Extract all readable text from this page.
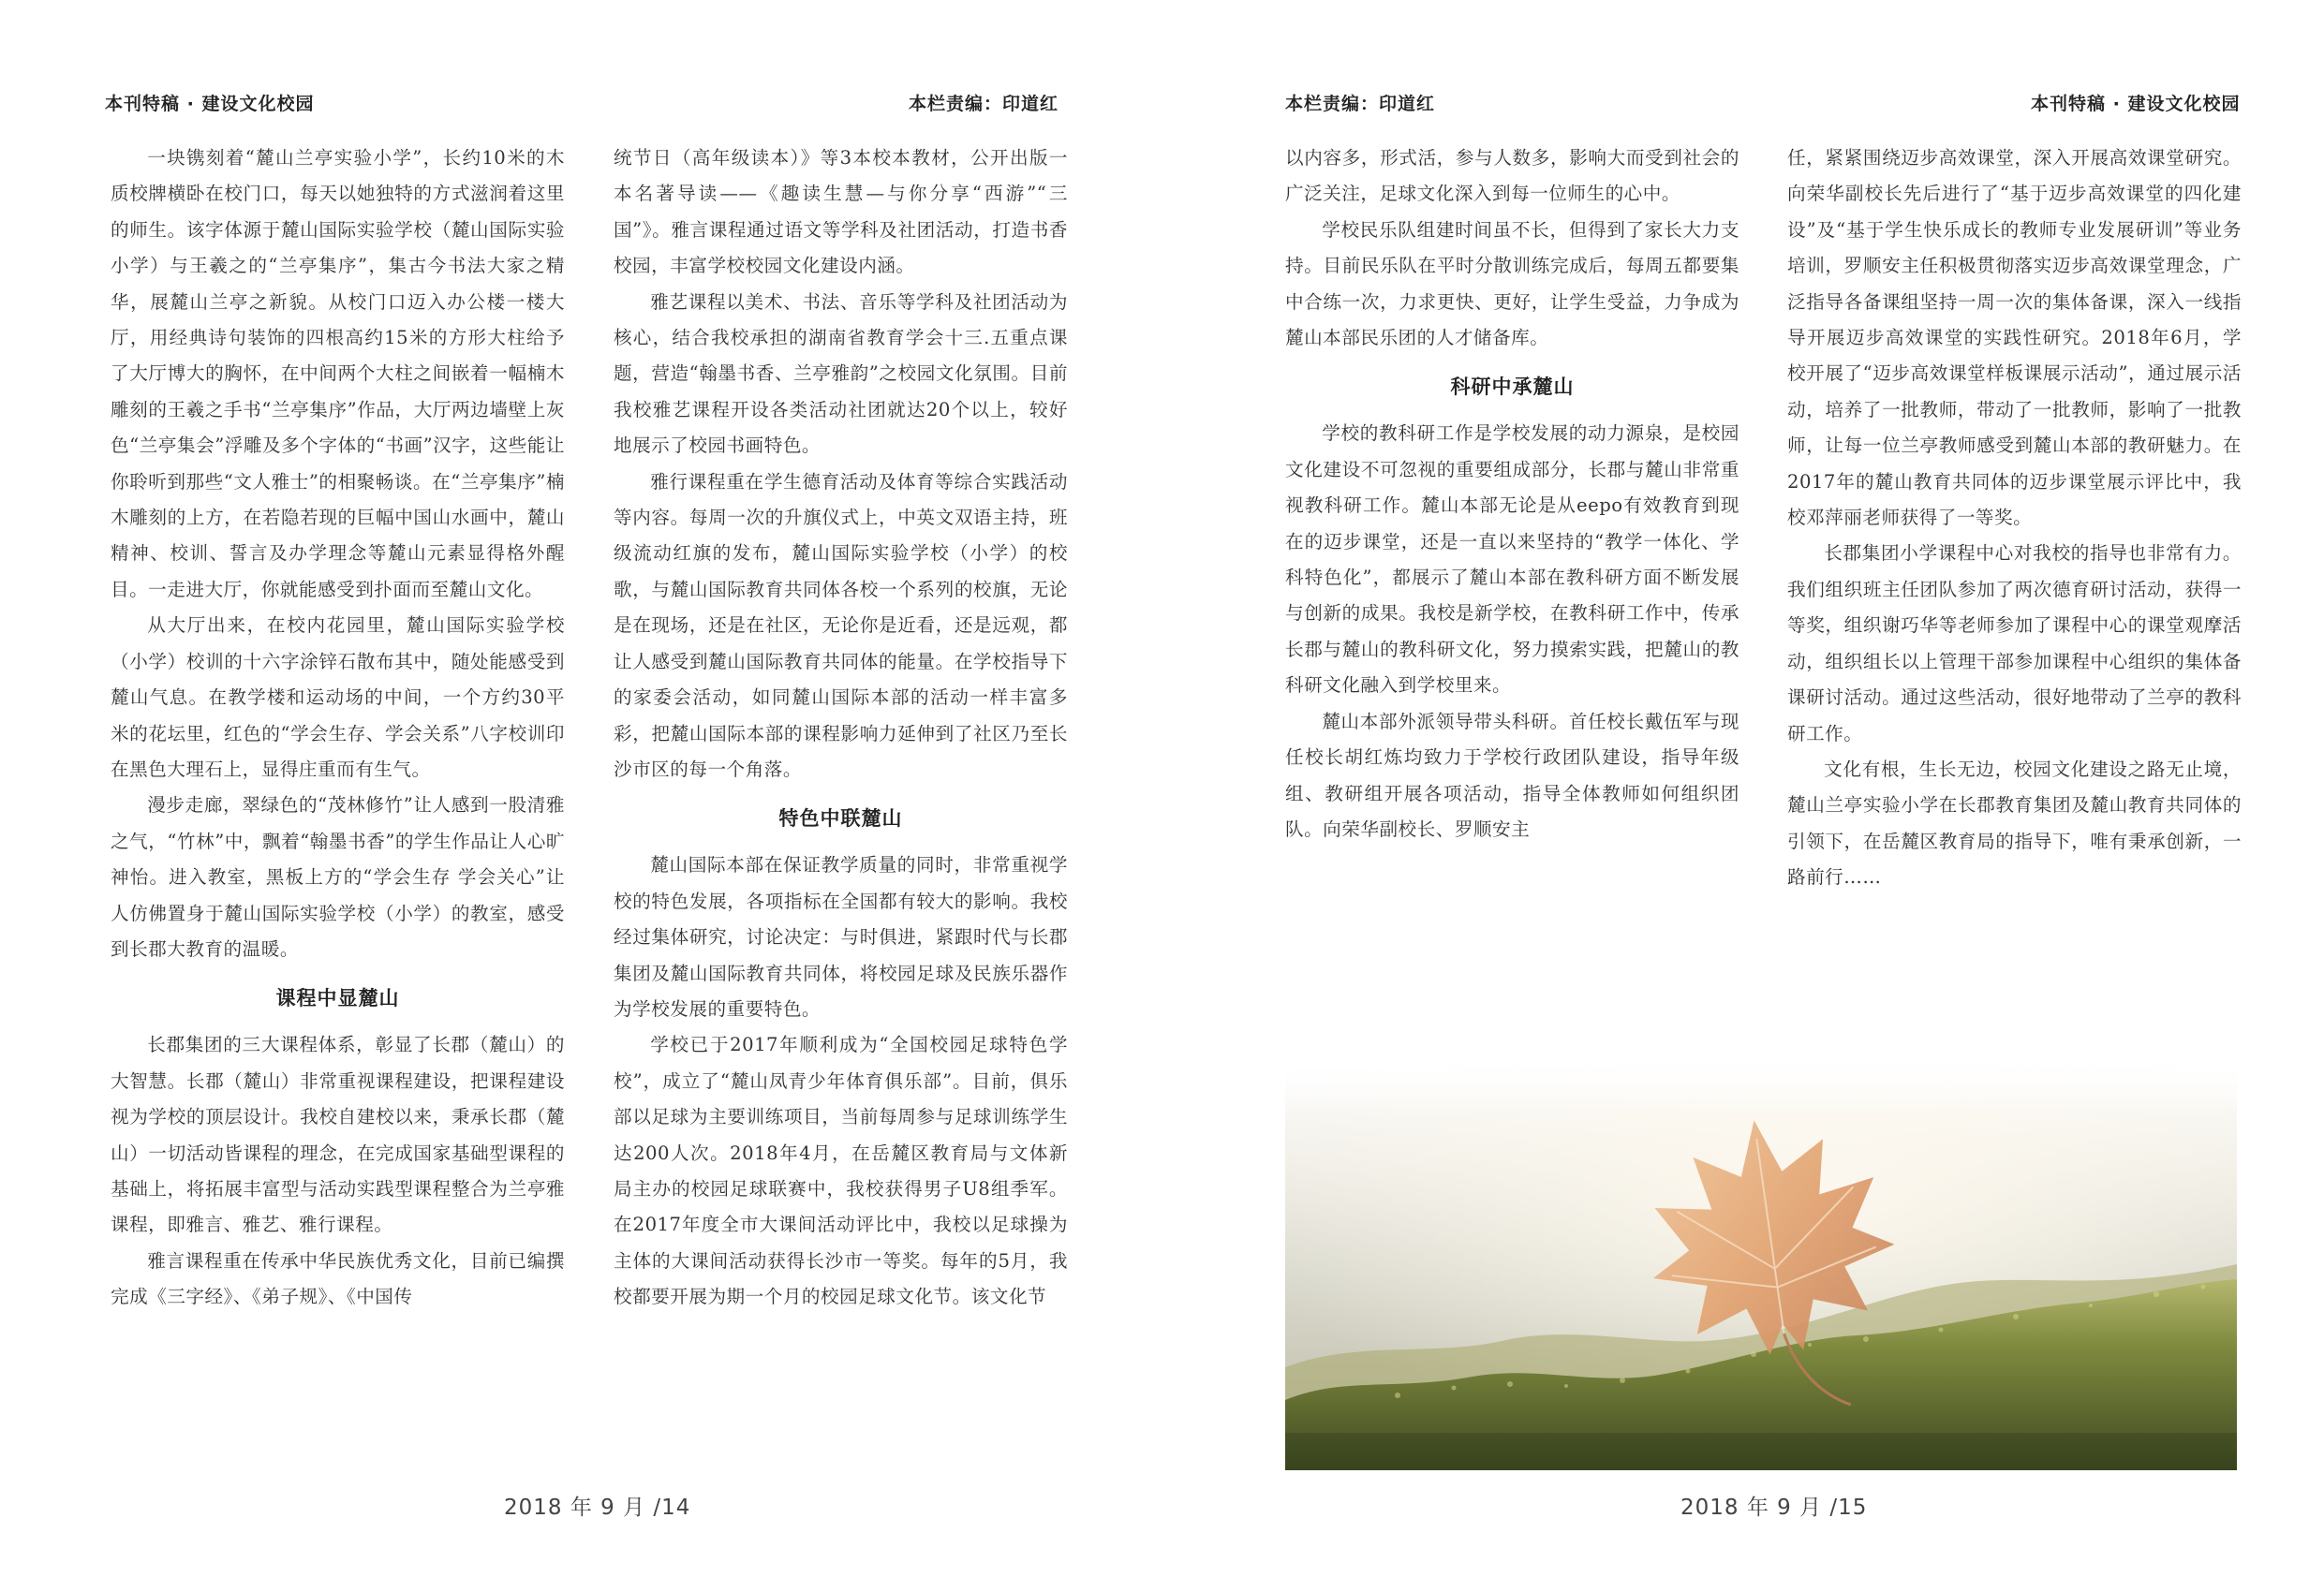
本刊特稿 · 建设文化校园	本栏责编：印道红	本栏责编：印道红	本刊特稿 · 建设文化校园

一块镌刻着“麓山兰亭实验小学”，长约10米的木质校牌横卧在校门口，每天以她独特的方式滋润着这里的师生。该字体源于麓山国际实验学校（麓山国际实验小学）与王羲之的“兰亭集序”，集古今书法大家之精华，展麓山兰亭之新貌。从校门口迈入办公楼一楼大厅，用经典诗句装饰的四根高约15米的方形大柱给予了大厅博大的胸怀，在中间两个大柱之间嵌着一幅楠木雕刻的王羲之手书“兰亭集序”作品，大厅两边墙壁上灰色“兰亭集会”浮雕及多个字体的“书画”汉字，这些能让你聆听到那些“文人雅士”的相聚畅谈。在“兰亭集序”楠木雕刻的上方，在若隐若现的巨幅中国山水画中，麓山精神、校训、誓言及办学理念等麓山元素显得格外醒目。一走进大厅，你就能感受到扑面而至麓山文化。

从大厅出来，在校内花园里，麓山国际实验学校（小学）校训的十六字涂锌石散布其中，随处能感受到麓山气息。在教学楼和运动场的中间，一个方约30平米的花坛里，红色的“学会生存、学会关系”八字校训印在黑色大理石上，显得庄重而有生气。

漫步走廊，翠绿色的“茂林修竹”让人感到一股清雅之气，“竹林”中，飘着“翰墨书香”的学生作品让人心旷神怡。进入教室，黑板上方的“学会生存 学会关心”让人仿佛置身于麓山国际实验学校（小学）的教室，感受到长郡大教育的温暖。

课程中显麓山

长郡集团的三大课程体系，彰显了长郡（麓山）的大智慧。长郡（麓山）非常重视课程建设，把课程建设视为学校的顶层设计。我校自建校以来，秉承长郡（麓山）一切活动皆课程的理念，在完成国家基础型课程的基础上，将拓展丰富型与活动实践型课程整合为兰亭雅课程，即雅言、雅艺、雅行课程。

雅言课程重在传承中华民族优秀文化，目前已编撰完成《三字经》、《弟子规》、《中国传

统节日（高年级读本）》等3本校本教材，公开出版一本名著导读——《趣读生慧—与你分享“西游”“三国”》。雅言课程通过语文等学科及社团活动，打造书香校园，丰富学校校园文化建设内涵。

雅艺课程以美术、书法、音乐等学科及社团活动为核心，结合我校承担的湖南省教育学会十三.五重点课题，营造“翰墨书香、兰亭雅韵”之校园文化氛围。目前我校雅艺课程开设各类活动社团就达20个以上，较好地展示了校园书画特色。

雅行课程重在学生德育活动及体育等综合实践活动等内容。每周一次的升旗仪式上，中英文双语主持，班级流动红旗的发布，麓山国际实验学校（小学）的校歌，与麓山国际教育共同体各校一个系列的校旗，无论是在现场，还是在社区，无论你是近看，还是远观，都让人感受到麓山国际教育共同体的能量。在学校指导下的家委会活动，如同麓山国际本部的活动一样丰富多彩，把麓山国际本部的课程影响力延伸到了社区乃至长沙市区的每一个角落。

特色中联麓山

麓山国际本部在保证教学质量的同时，非常重视学校的特色发展，各项指标在全国都有较大的影响。我校经过集体研究，讨论决定：与时俱进，紧跟时代与长郡集团及麓山国际教育共同体，将校园足球及民族乐器作为学校发展的重要特色。

学校已于2017年顺利成为“全国校园足球特色学校”，成立了“麓山凤青少年体育俱乐部”。目前，俱乐部以足球为主要训练项目，当前每周参与足球训练学生达200人次。2018年4月，在岳麓区教育局与文体新局主办的校园足球联赛中，我校获得男子U8组季军。在2017年度全市大课间活动评比中，我校以足球操为主体的大课间活动获得长沙市一等奖。每年的5月，我校都要开展为期一个月的校园足球文化节。该文化节

以内容多，形式活，参与人数多，影响大而受到社会的广泛关注，足球文化深入到每一位师生的心中。

学校民乐队组建时间虽不长，但得到了家长大力支持。目前民乐队在平时分散训练完成后，每周五都要集中合练一次，力求更快、更好，让学生受益，力争成为麓山本部民乐团的人才储备库。

科研中承麓山

学校的教科研工作是学校发展的动力源泉，是校园文化建设不可忽视的重要组成部分，长郡与麓山非常重视教科研工作。麓山本部无论是从eepo有效教育到现在的迈步课堂，还是一直以来坚持的“教学一体化、学科特色化”，都展示了麓山本部在教科研方面不断发展与创新的成果。我校是新学校，在教科研工作中，传承长郡与麓山的教科研文化，努力摸索实践，把麓山的教科研文化融入到学校里来。

麓山本部外派领导带头科研。首任校长戴伍军与现任校长胡红炼均致力于学校行政团队建设，指导年级组、教研组开展各项活动，指导全体教师如何组织团队。向荣华副校长、罗顺安主

任，紧紧围绕迈步高效课堂，深入开展高效课堂研究。向荣华副校长先后进行了“基于迈步高效课堂的四化建设”及“基于学生快乐成长的教师专业发展研训”等业务培训，罗顺安主任积极贯彻落实迈步高效课堂理念，广泛指导各备课组坚持一周一次的集体备课，深入一线指导开展迈步高效课堂的实践性研究。2018年6月，学校开展了“迈步高效课堂样板课展示活动”，通过展示活动，培养了一批教师，带动了一批教师，影响了一批教师，让每一位兰亭教师感受到麓山本部的教研魅力。在2017年的麓山教育共同体的迈步课堂展示评比中，我校邓萍丽老师获得了一等奖。

长郡集团小学课程中心对我校的指导也非常有力。我们组织班主任团队参加了两次德育研讨活动，获得一等奖，组织谢巧华等老师参加了课程中心的课堂观摩活动，组织组长以上管理干部参加课程中心组织的集体备课研讨活动。通过这些活动，很好地带动了兰亭的教科研工作。

文化有根，生长无边，校园文化建设之路无止境，麓山兰亭实验小学在长郡教育集团及麓山教育共同体的引领下，在岳麓区教育局的指导下，唯有秉承创新，一路前行……

2018 年 9 月 /14	2018 年 9 月 /15
